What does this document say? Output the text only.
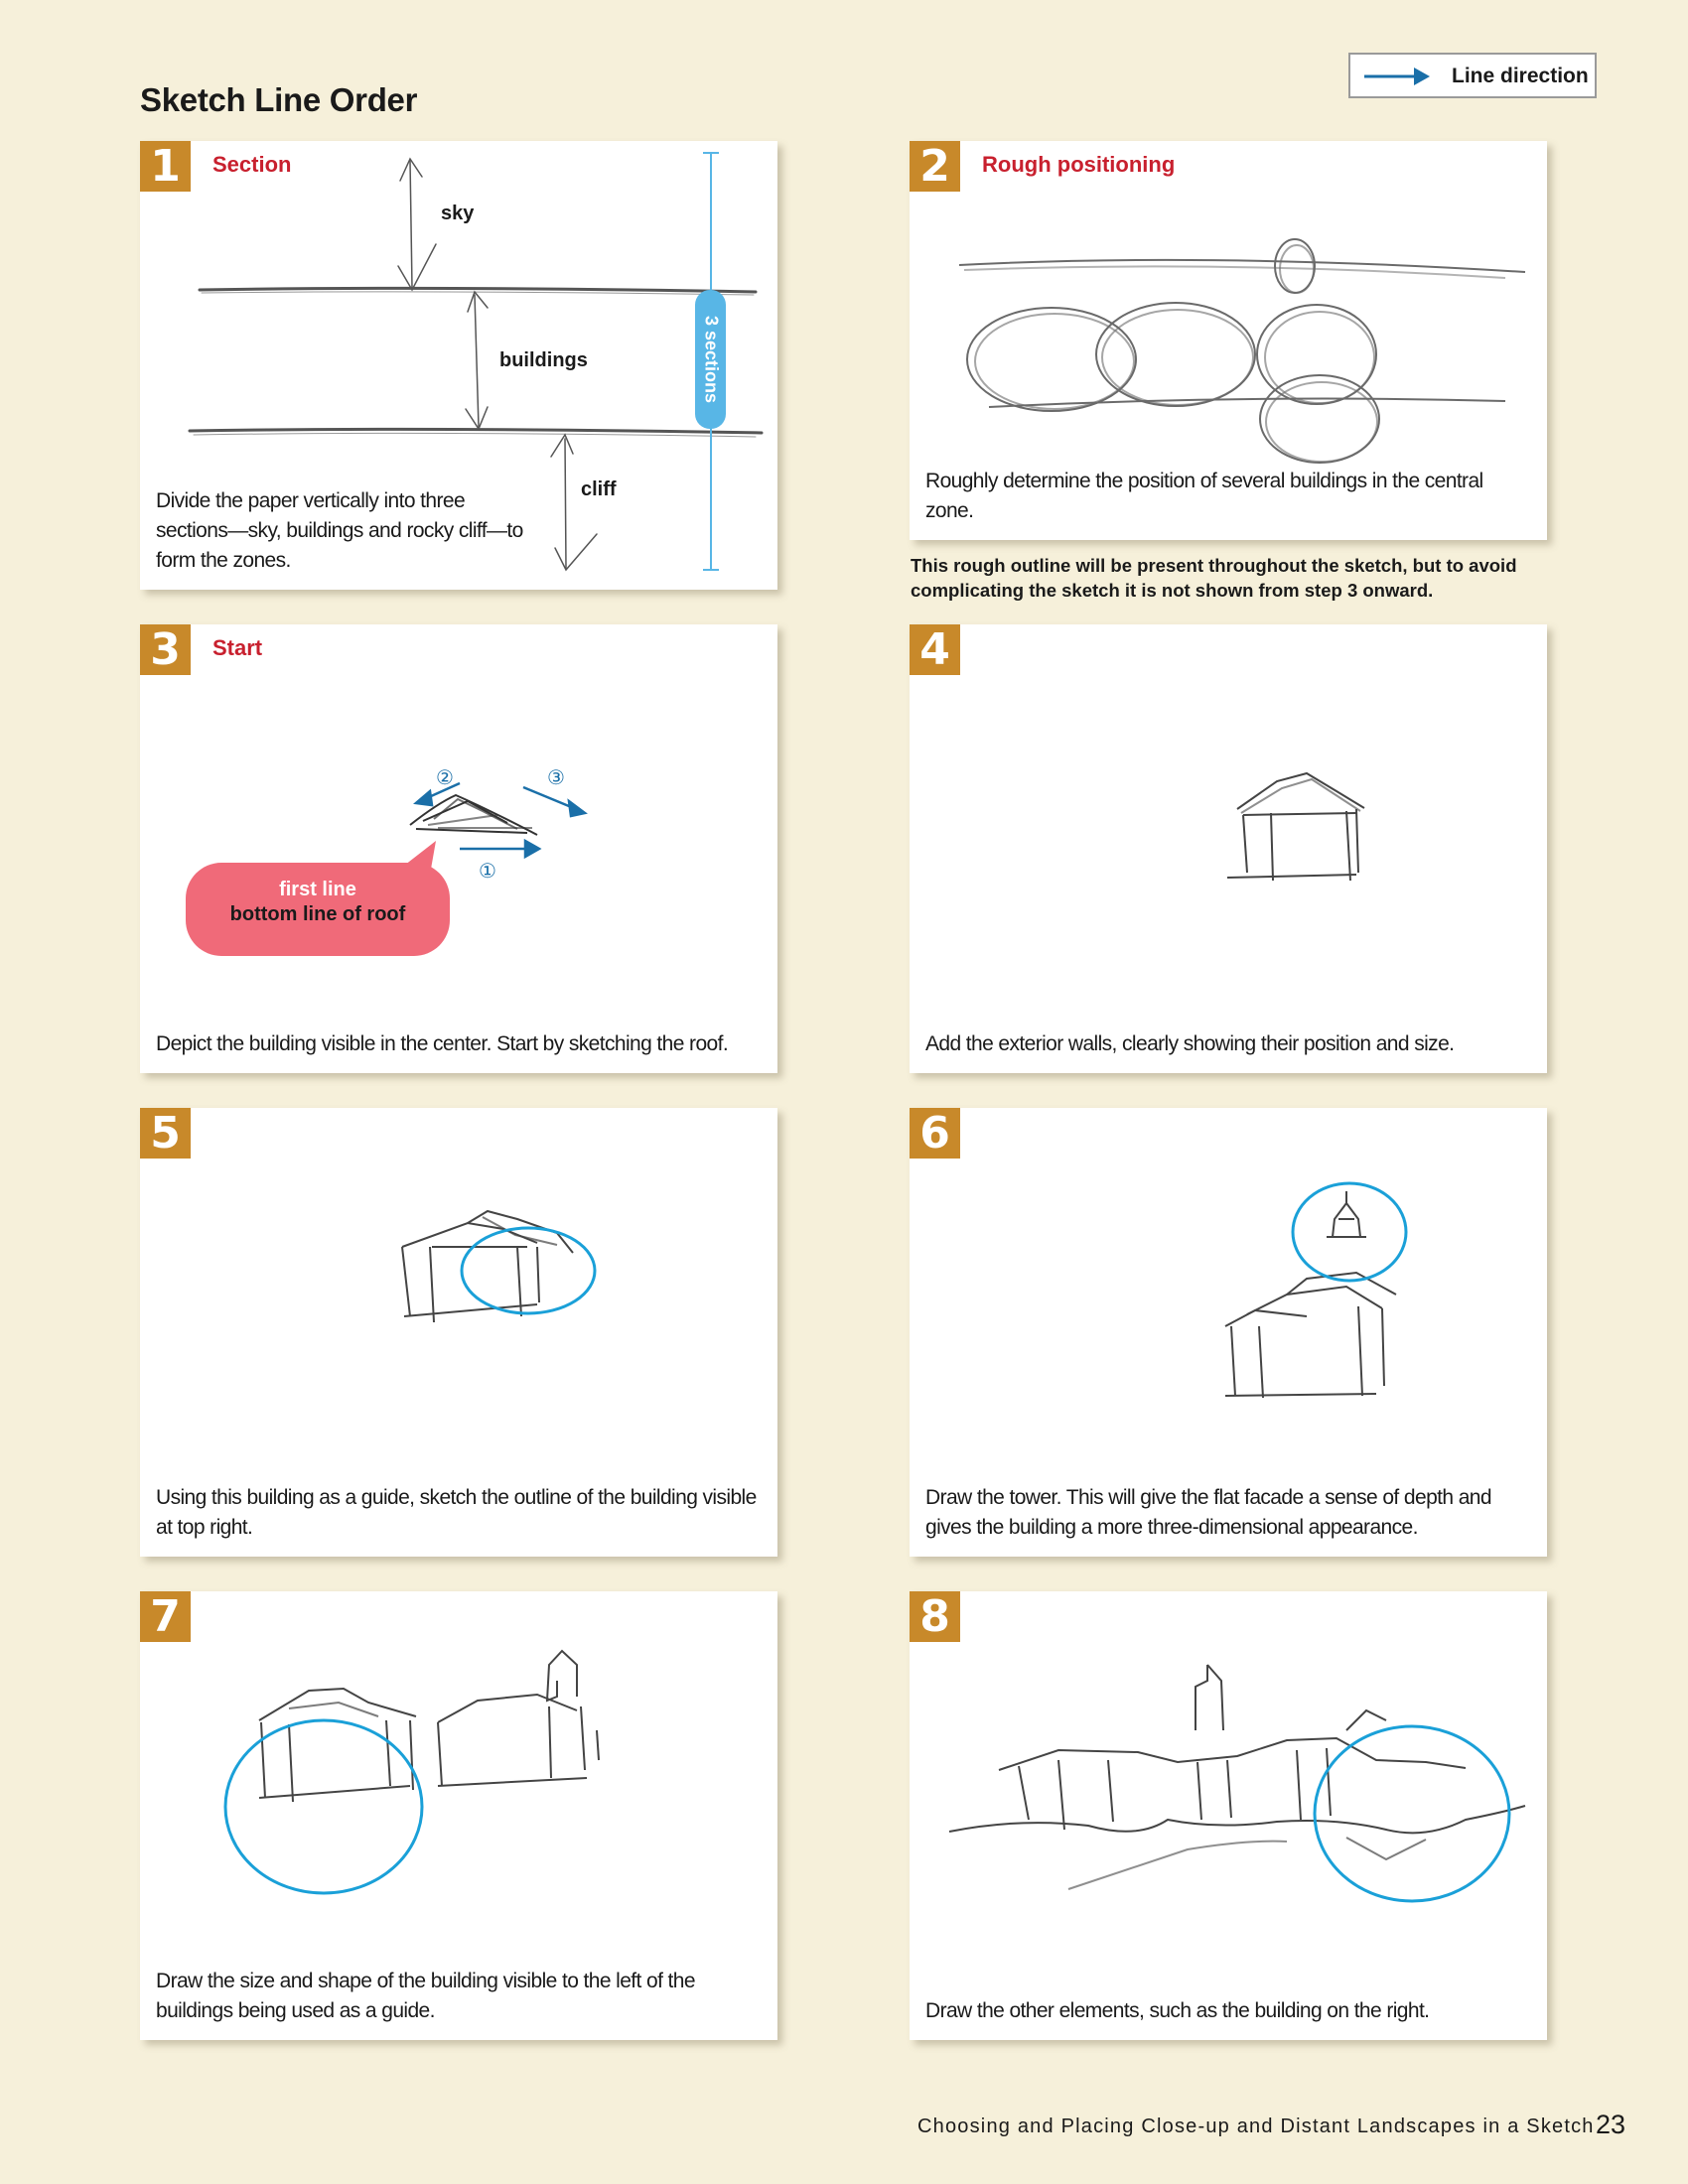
Sketch Line Order
Line direction
1	Section
3 sections
sky
buildings
cliff
Divide the paper vertically into three sections—sky, buildings and rocky cliff—to form the zones.
2	Rough positioning
Roughly determine the position of several buildings in the central zone.
This rough outline will be present throughout the sketch, but to avoid complicating the sketch it is not shown from step 3 onward.
3	Start
②	③
①
first line
bottom line of roof
Depict the building visible in the center. Start by sketching the roof.
4
Add the exterior walls, clearly showing their position and size.
5
Using this building as a guide, sketch the outline of the building visible at top right.
6
Draw the tower. This will give the flat facade a sense of depth and gives the building a more three-dimensional appearance.
7
Draw the size and shape of the building visible to the left of the buildings being used as a guide.
8
Draw the other elements, such as the building on the right.
Choosing and Placing Close-up and Distant Landscapes in a Sketch 23
